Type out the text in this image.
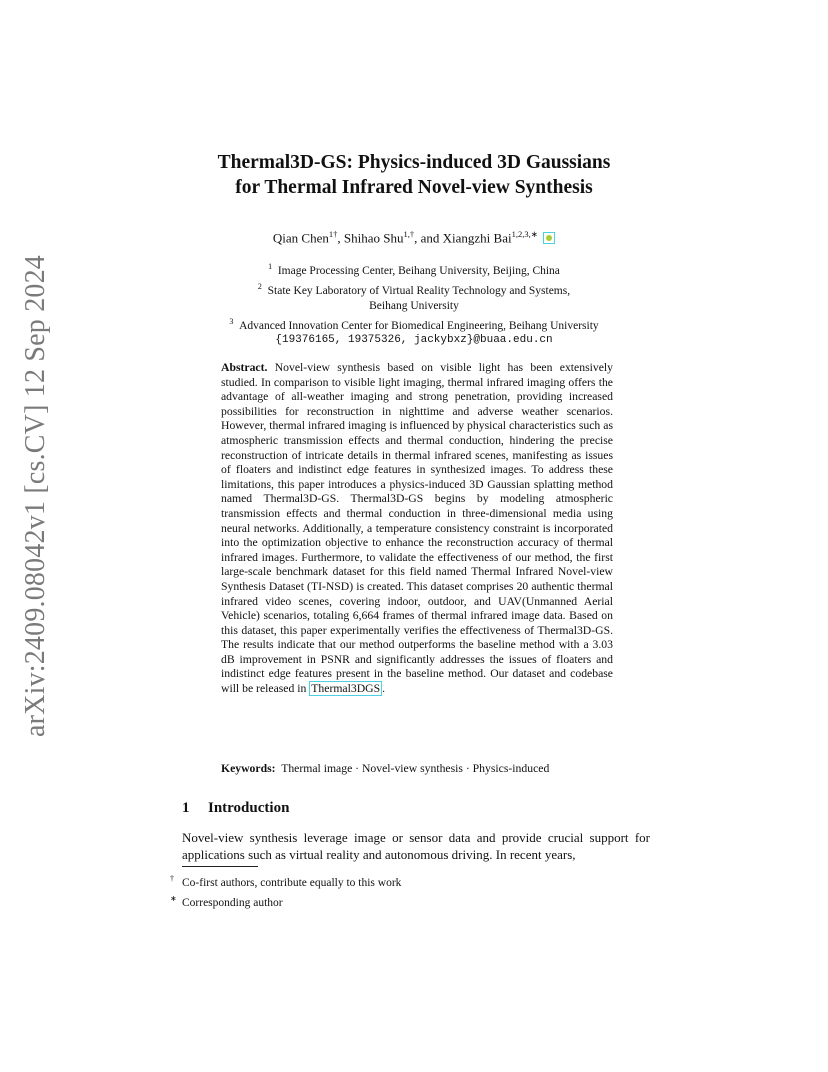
arXiv:2409.08042v1 [cs.CV] 12 Sep 2024
Thermal3D-GS: Physics-induced 3D Gaussians
for Thermal Infrared Novel-view Synthesis
Qian Chen$^{1\dagger}$, Shihao Shu$^{1,\dagger}$, and Xiangzhi Bai$^{1,2,3,∗}$
$^1$ Image Processing Center, Beihang University, Beijing, China
$^2$ State Key Laboratory of Virtual Reality Technology and Systems,
Beihang University
$^3$ Advanced Innovation Center for Biomedical Engineering, Beihang University
{19376165, 19375326, jackybxz}@buaa.edu.cn
Abstract. Novel-view synthesis based on visible light has been extensively studied. In comparison to visible light imaging, thermal infrared imaging offers the advantage of all-weather imaging and strong penetration, providing increased possibilities for reconstruction in nighttime and adverse weather scenarios. However, thermal infrared imaging is influenced by physical characteristics such as atmospheric transmission effects and thermal conduction, hindering the precise reconstruction of intricate details in thermal infrared scenes, manifesting as issues of floaters and indistinct edge features in synthesized images. To address these limitations, this paper introduces a physics-induced 3D Gaussian splatting method named Thermal3D-GS. Thermal3D-GS begins by modeling atmospheric transmission effects and thermal conduction in three-dimensional media using neural networks. Additionally, a temperature consistency constraint is incorporated into the optimization objective to enhance the reconstruction accuracy of thermal infrared images. Furthermore, to validate the effectiveness of our method, the first large-scale benchmark dataset for this field named Thermal Infrared Novel-view Synthesis Dataset (TI-NSD) is created. This dataset comprises 20 authentic thermal infrared video scenes, covering indoor, outdoor, and UAV(Unmanned Aerial Vehicle) scenarios, totaling 6,664 frames of thermal infrared image data. Based on this dataset, this paper experimentally verifies the effectiveness of Thermal3D-GS. The results indicate that our method outperforms the baseline method with a 3.03 dB improvement in PSNR and significantly addresses the issues of floaters and indistinct edge features present in the baseline method. Our dataset and codebase will be released in Thermal3DGS .
Keywords: Thermal image · Novel-view synthesis · Physics-induced
1 Introduction
Novel-view synthesis leverage image or sensor data and provide crucial support for applications such as virtual reality and autonomous driving. In recent years,
† Co-first authors, contribute equally to this work
∗ Corresponding author
